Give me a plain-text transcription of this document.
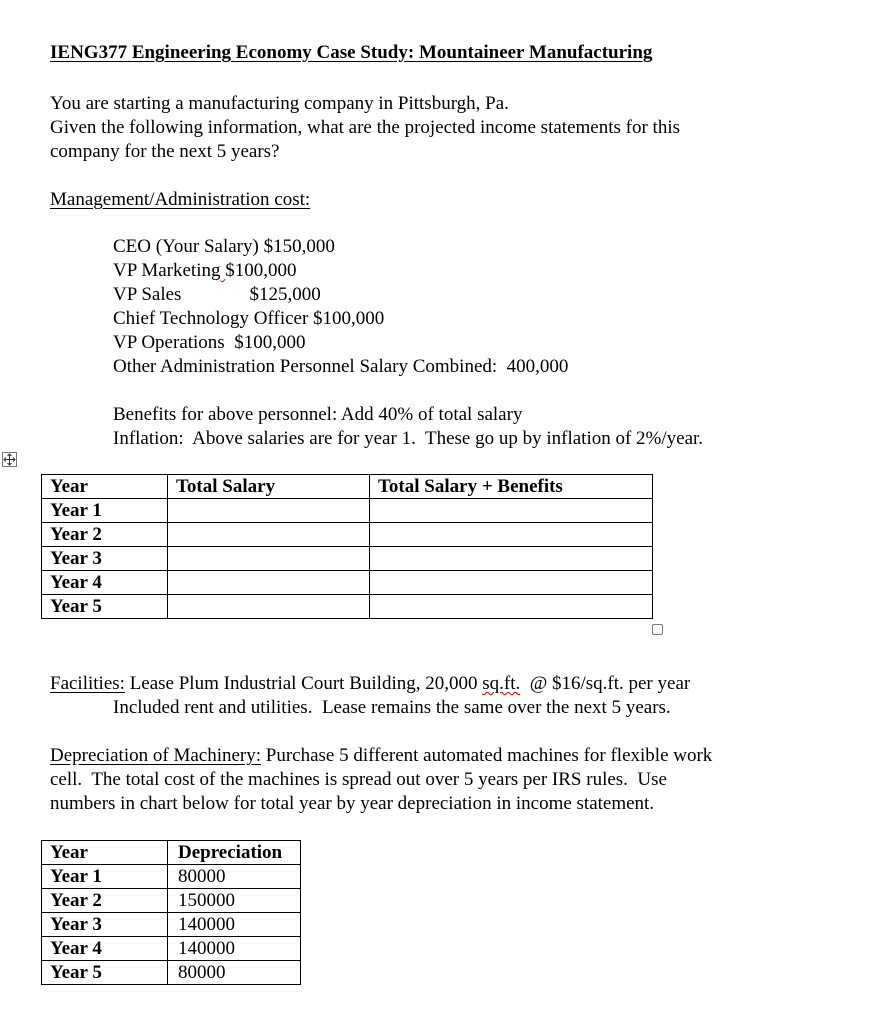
IENG377 Engineering Economy Case Study: Mountaineer Manufacturing
You are starting a manufacturing company in Pittsburgh, Pa.
Given the following information, what are the projected income statements for this
company for the next 5 years?
Management/Administration cost:
CEO (Your Salary) $150,000
VP Marketing $100,000
VP Sales	$125,000
Chief Technology Officer $100,000
VP Operations  $100,000
Other Administration Personnel Salary Combined:  400,000
Benefits for above personnel: Add 40% of total salary
Inflation:  Above salaries are for year 1.  These go up by inflation of 2%/year.
Year	Total Salary	Total Salary + Benefits
Year 1		
Year 2		
Year 3		
Year 4		
Year 5		
Facilities: Lease Plum Industrial Court Building, 20,000 sq.ft.  @ $16/sq.ft. per year
Included rent and utilities.  Lease remains the same over the next 5 years.
Depreciation of Machinery: Purchase 5 different automated machines for flexible work
cell.  The total cost of the machines is spread out over 5 years per IRS rules.  Use
numbers in chart below for total year by year depreciation in income statement.
Year	Depreciation
Year 1	80000
Year 2	150000
Year 3	140000
Year 4	140000
Year 5	80000
